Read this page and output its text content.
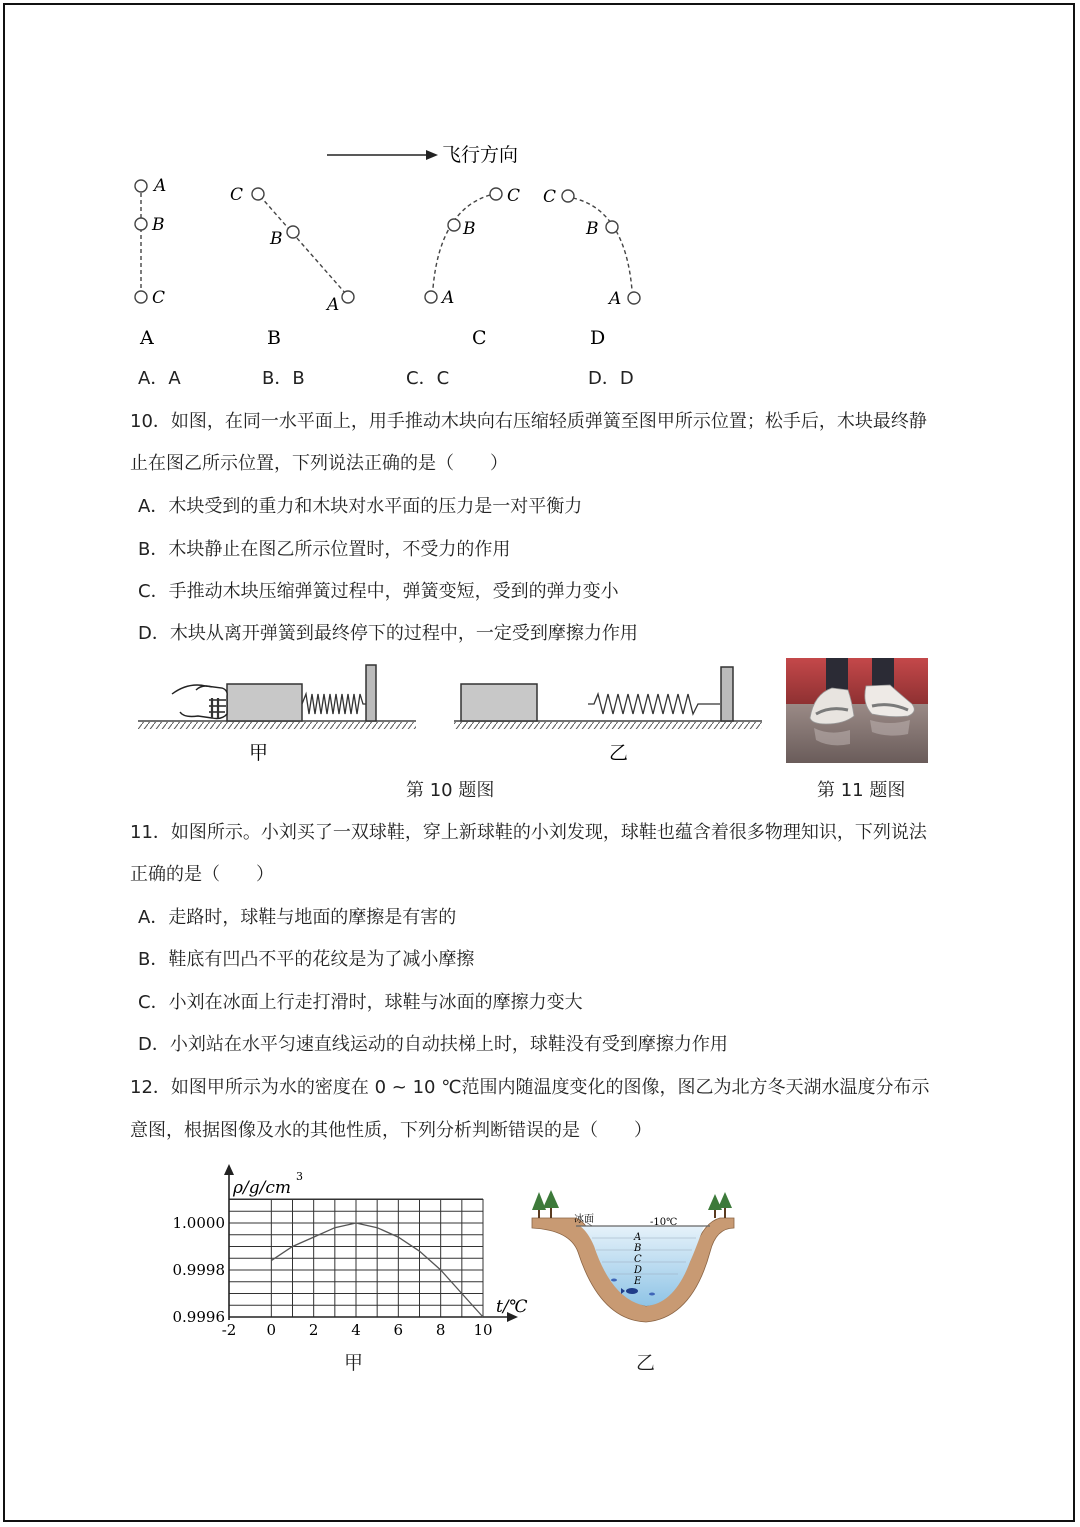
飞行方向
A
B
C
C
B
A
C
B
A
C
B
A
A	B	C	D
A．A	B．B	C．C	D．D
10．如图，在同一水平面上，用手推动木块向右压缩轻质弹簧至图甲所示位置；松手后，木块最终静
止在图乙所示位置，下列说法正确的是（　　）
A．木块受到的重力和木块对水平面的压力是一对平衡力
B．木块静止在图乙所示位置时，不受力的作用
C．手推动木块压缩弹簧过程中，弹簧变短，受到的弹力变小
D．木块从离开弹簧到最终停下的过程中，一定受到摩擦力作用
甲	乙
第 10 题图	第 11 题图
11．如图所示。小刘买了一双球鞋，穿上新球鞋的小刘发现，球鞋也蕴含着很多物理知识，下列说法
正确的是（　　）
A．走路时，球鞋与地面的摩擦是有害的
B．鞋底有凹凸不平的花纹是为了减小摩擦
C．小刘在冰面上行走打滑时，球鞋与冰面的摩擦力变大
D．小刘站在水平匀速直线运动的自动扶梯上时，球鞋没有受到摩擦力作用
12．如图甲所示为水的密度在 0 ~ 10 ℃范围内随温度变化的图像，图乙为北方冬天湖水温度分布示
意图，根据图像及水的其他性质，下列分析判断错误的是（　　）
ρ/g/cm
3
t/℃
-2 0 2 4 6 8 10
1.0000
0.9998
0.9996
甲
冰面	-10℃
A
B
C
D
E
乙
